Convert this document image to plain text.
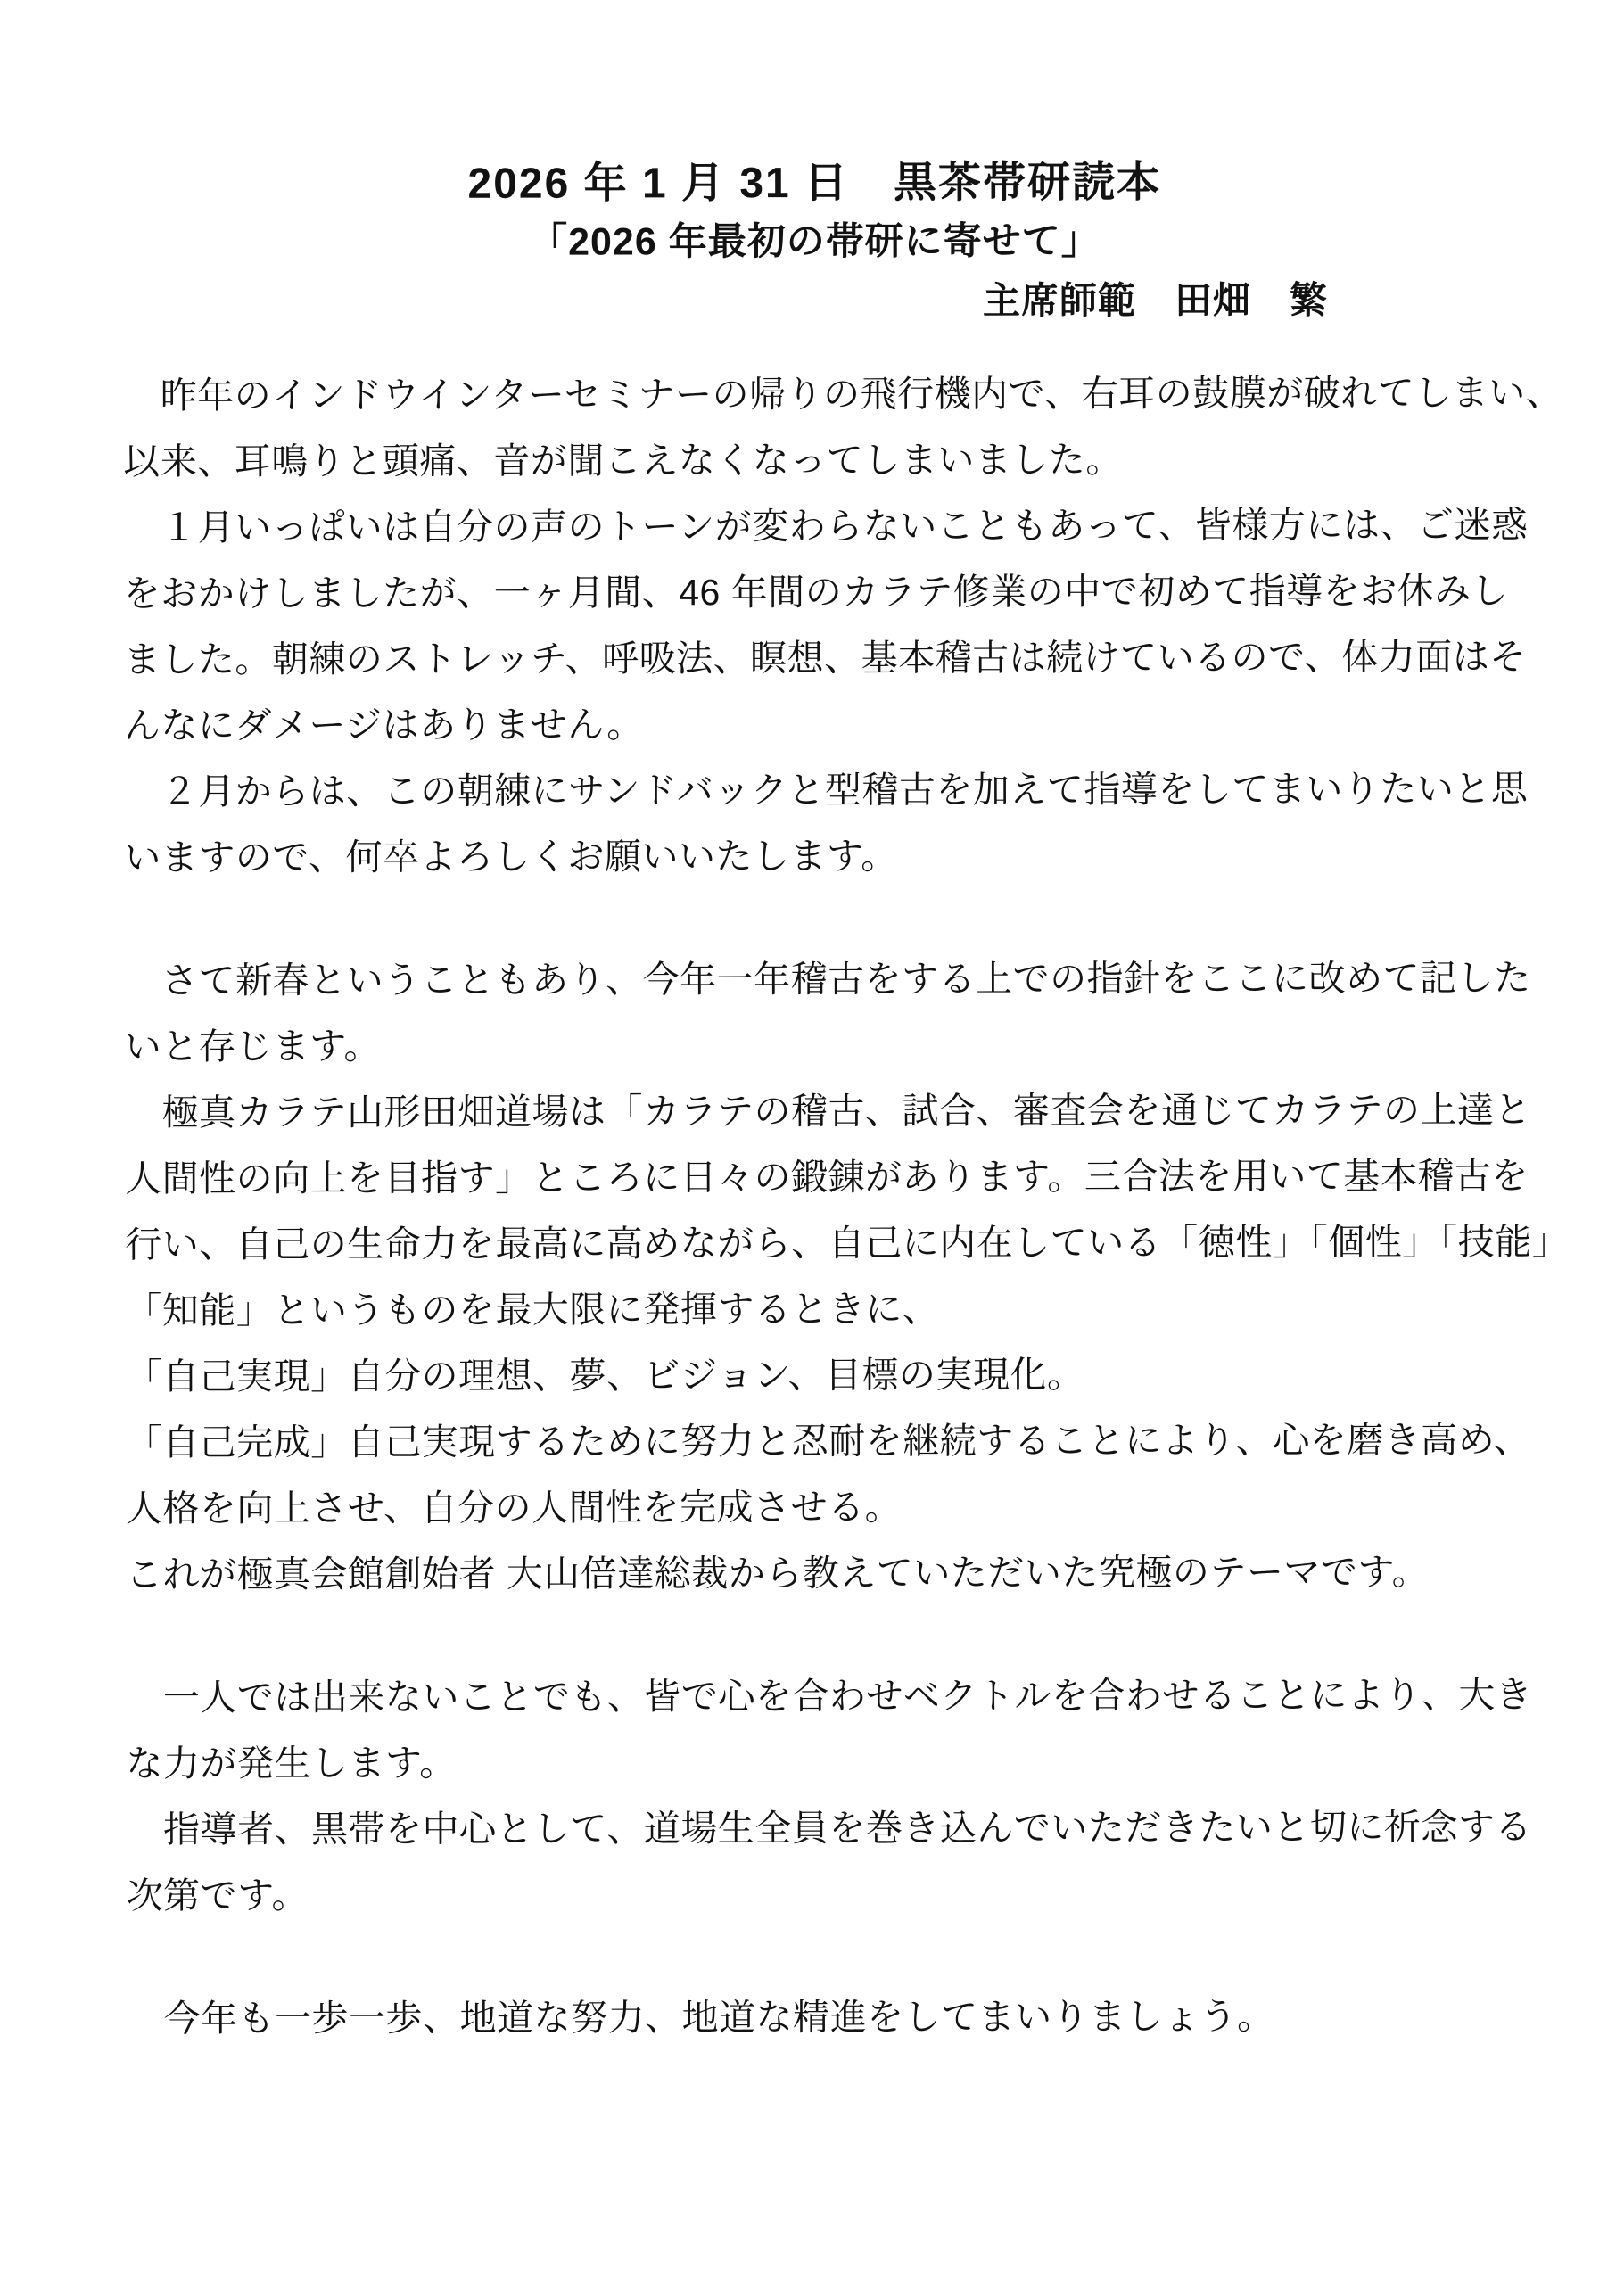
2026 年 1 月 31 日　黒茶帯研読本
「2026 年最初の帯研に寄せて」
主席師範　田畑　繁
　昨年のインドウインターセミナーの帰りの飛行機内で、右耳の鼓膜が破れてしまい、
以来、耳鳴りと頭痛、音が聞こえなくなってしまいました。
　１月いっぱいは自分の声のトーンが変わらないこともあって、皆様方には、ご迷惑
をおかけしましたが、一ヶ月間、46 年間のカラテ修業の中で初めて指導をお休みし
ました。朝練のストレッチ、呼吸法、瞑想、基本稽古は続けているので、体力面はそ
んなにダメージはありません。
　２月からは、この朝練にサンドバックと型稽古を加えて指導をしてまいりたいと思
いますので、何卒よろしくお願いいたします。
　さて新春ということもあり、今年一年稽古をする上での指針をここに改めて記した
いと存じます。
　極真カラテ山形田畑道場は「カラテの稽古、試合、審査会を通じてカラテの上達と
人間性の向上を目指す」ところに日々の鍛錬があります。三合法を用いて基本稽古を
行い、自己の生命力を最高に高めながら、自己に内在している「徳性」「個性」「技能」
「知能」というものを最大限に発揮するときに、
「自己実現」自分の理想、夢、ビジョン、目標の実現化。
「自己完成」自己実現するために努力と忍耐を継続することにより、心を磨き高め、
人格を向上させ、自分の人間性を完成させる。
これが極真会館創始者 大山倍達総裁から教えていただいた究極のテーマです。
　一人では出来ないことでも、皆で心を合わせベクトルを合わせることにより、大き
な力が発生します。
　指導者、黒帯を中心として、道場生全員を巻き込んでいただきたいと切に祈念する
次第です。
　今年も一歩一歩、地道な努力、地道な精進をしてまいりましょう。
